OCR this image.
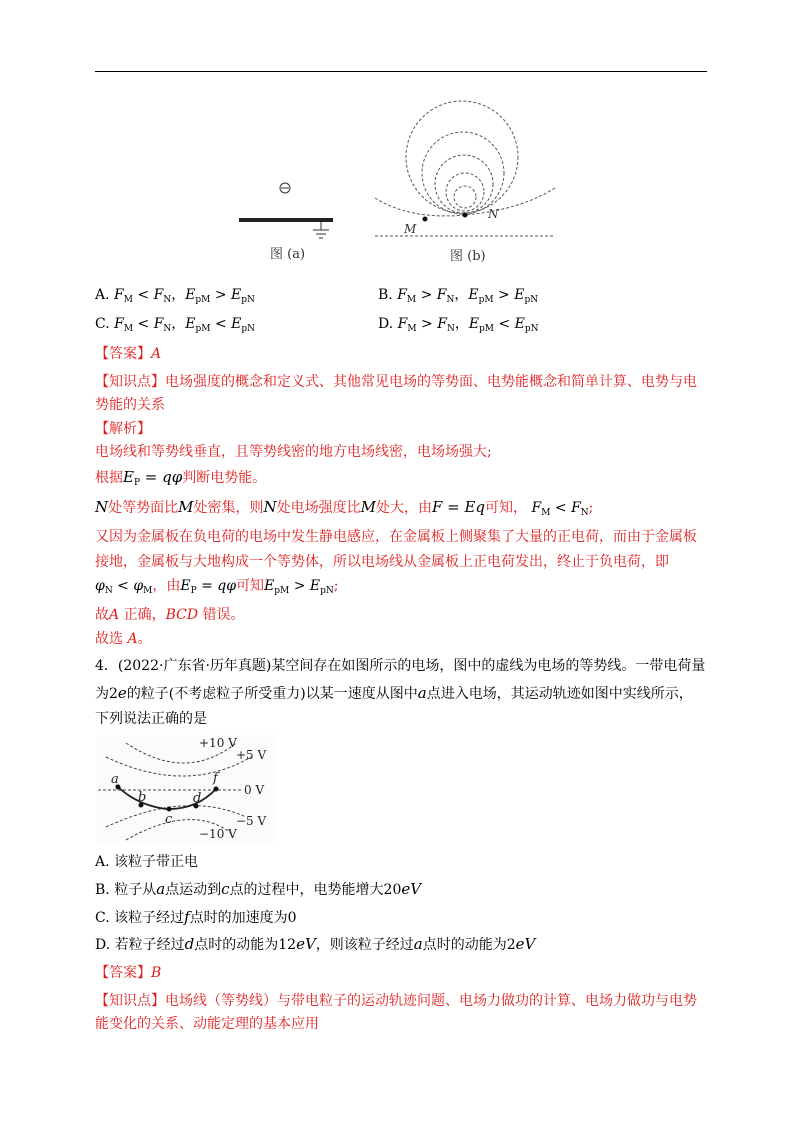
图 (a)
M
N
图 (b)
A. $F_M < F_N$，$E_{pM} > E_{pN}$	B. $F_M > F_N$，$E_{pM} > E_{pN}$
C. $F_M < F_N$，$E_{pM} < E_{pN}$	D. $F_M > F_N$，$E_{pM} < E_{pN}$
【答案】A
【知识点】电场强度的概念和定义式、其他常见电场的等势面、电势能概念和简单计算、电势与电
势能的关系
【解析】
电场线和等势线垂直，且等势线密的地方电场线密，电场场强大;
根据$E_P = q\varphi$判断电势能。
N处等势面比M处密集，则N处电场强度比M处大，由F = Eq可知， $F_M < F_N$;
又因为金属板在负电荷的电场中发生静电感应，在金属板上侧聚集了大量的正电荷，而由于金属板
接地，金属板与大地构成一个等势体，所以电场线从金属板上正电荷发出，终止于负电荷，即
$\varphi_N < \varphi_M$，由$E_P = q\varphi$可知$E_{pM} > E_{pN}$;
故A 正确，BCD 错误。
故选 A。
4．(2022·广东省·历年真题)某空间存在如图所示的电场，图中的虚线为电场的等势线。一带电荷量
为2e的粒子(不考虑粒子所受重力)以某一速度从图中a点进入电场，其运动轨迹如图中实线所示，
下列说法正确的是
a
b
c
d
f
+10 V
+5 V
0 V
−5 V
−10 V
A. 该粒子带正电
B. 粒子从a点运动到c点的过程中，电势能增大20eV
C. 该粒子经过f点时的加速度为0
D. 若粒子经过d点时的动能为12eV，则该粒子经过a点时的动能为2eV
【答案】B
【知识点】电场线（等势线）与带电粒子的运动轨迹问题、电场力做功的计算、电场力做功与电势
能变化的关系、动能定理的基本应用
